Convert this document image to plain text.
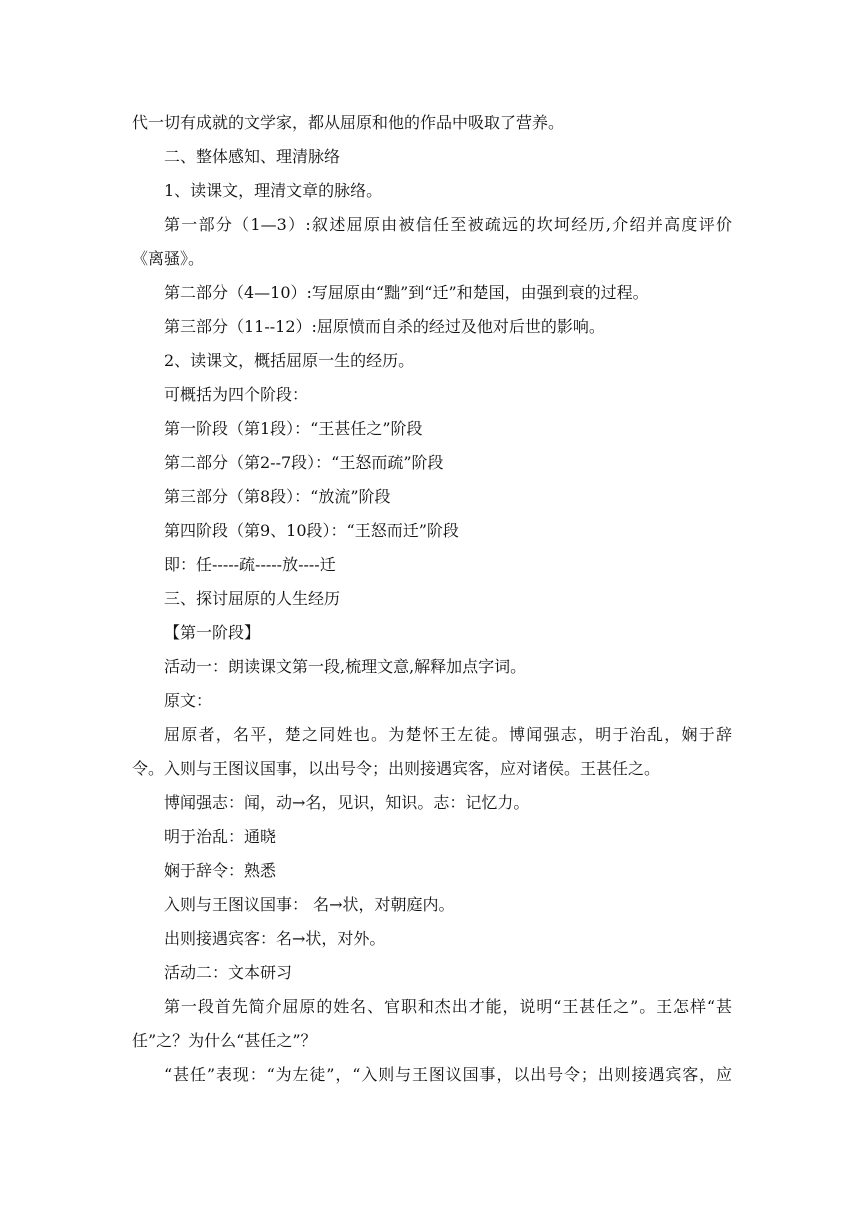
代一切有成就的文学家，都从屈原和他的作品中吸取了营养。
二、整体感知、理清脉络
1、读课文，理清文章的脉络。
第一部分（1—3）:叙述屈原由被信任至被疏远的坎坷经历,介绍并高度评价
《离骚》。
第二部分（4—10）:写屈原由“黜”到“迁”和楚国，由强到衰的过程。
第三部分（11--12）:屈原愤而自杀的经过及他对后世的影响。
2、读课文，概括屈原一生的经历。
可概括为四个阶段：
第一阶段（第1段）：“王甚任之”阶段
第二部分（第2--7段）：“王怒而疏”阶段
第三部分（第8段）：“放流”阶段
第四阶段（第9、10段）：“王怒而迁”阶段
即：任-----疏-----放----迁
三、探讨屈原的人生经历
【第一阶段】
活动一：朗读课文第一段,梳理文意,解释加点字词。
原文：
屈原者，名平，楚之同姓也。为楚怀王左徒。博闻强志，明于治乱，娴于辞
令。入则与王图议国事，以出号令；出则接遇宾客，应对诸侯。王甚任之。
博闻强志：闻，动→名，见识，知识。志：记忆力。
明于治乱：通晓
娴于辞令：熟悉
入则与王图议国事： 名→状，对朝庭内。
出则接遇宾客：名→状，对外。
活动二：文本研习
第一段首先简介屈原的姓名、官职和杰出才能，说明“王甚任之”。王怎样“甚
任”之？为什么“甚任之”？
“甚任”表现：“为左徒”，“入则与王图议国事，以出号令；出则接遇宾客，应
